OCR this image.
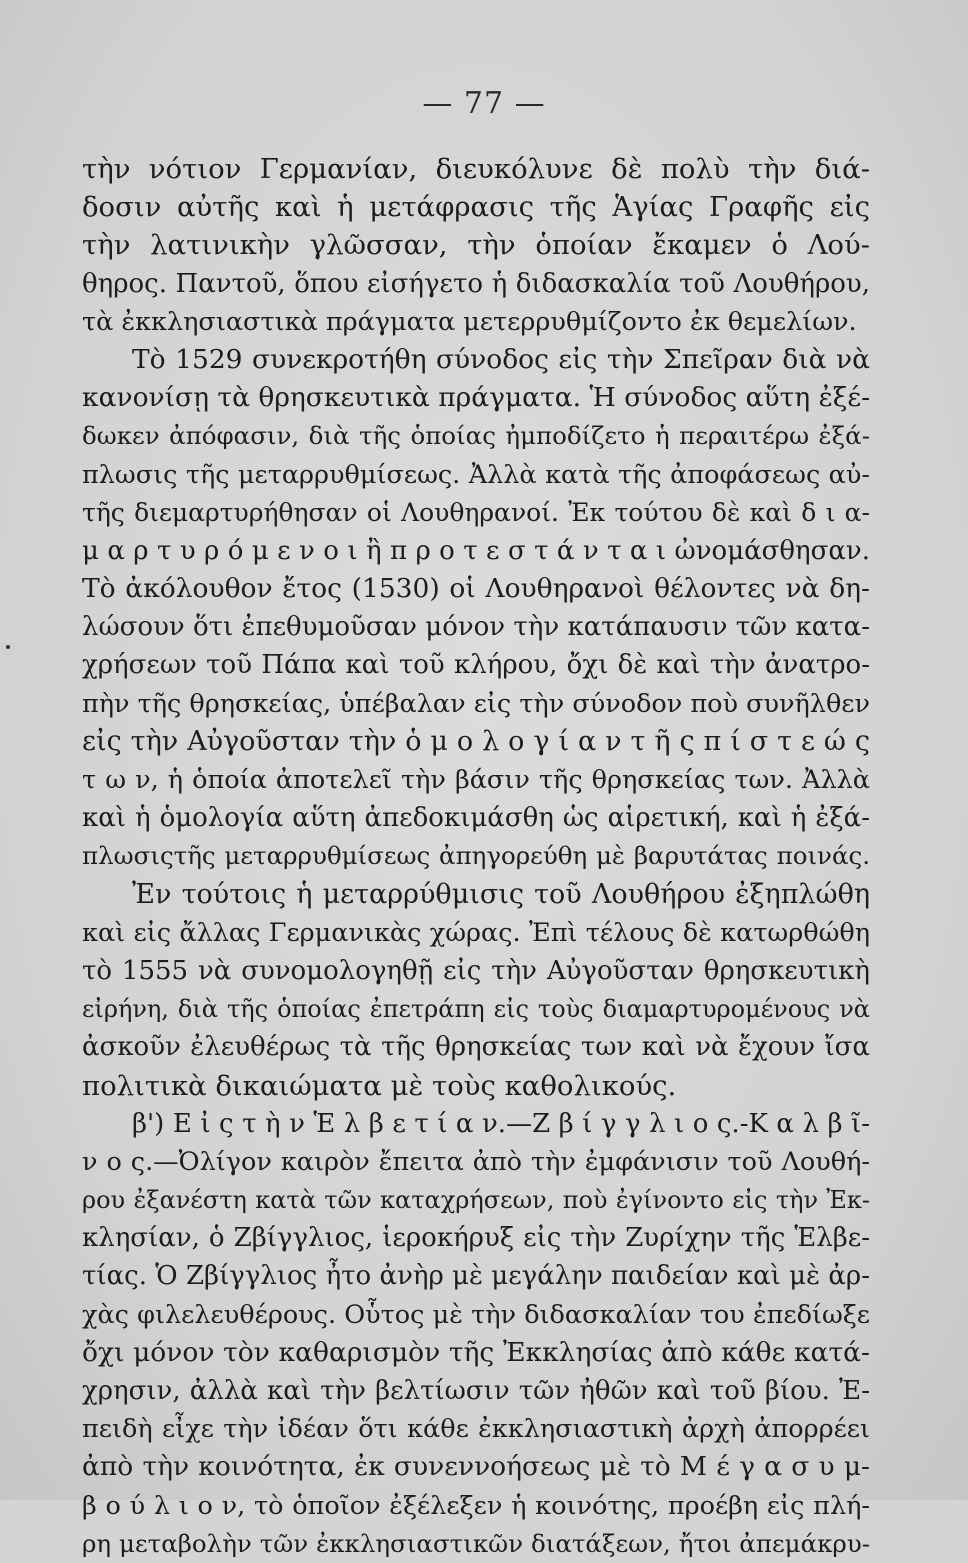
— 77 —
τὴν νότιον Γερμανίαν, διευκόλυνε δὲ πολὺ τὴν διά-
δοσιν αὐτῆς καὶ ἡ μετάφρασις τῆς Ἁγίας Γραφῆς εἰς
τὴν λατινικὴν γλῶσσαν, τὴν ὁποίαν ἔκαμεν ὁ Λού-
θηρος. Παντοῦ, ὅπου εἰσήγετο ἡ διδασκαλία τοῦ Λουθήρου,
τὰ ἐκκλησιαστικὰ πράγματα μετερρυθμίζοντο ἐκ θεμελίων.
Τὸ 1529 συνεκροτήθη σύνοδος εἰς τὴν Σπεῖραν διὰ νὰ
κανονίσῃ τὰ θρησκευτικὰ πράγματα. Ἡ σύνοδος αὕτη ἐξέ-
δωκεν ἀπόφασιν, διὰ τῆς ὁποίας ἠμποδίζετο ἡ περαιτέρω ἐξά-
πλωσις τῆς μεταρρυθμίσεως. Ἀλλὰ κατὰ τῆς ἀποφάσεως αὐ-
τῆς διεμαρτυρήθησαν οἱ Λουθηρανοί. Ἐκ τούτου δὲ καὶ δ ι α-
μ α ρ τ υ ρ ό μ ε ν ο ι ἢ π ρ ο τ ε σ τ ά ν τ α ι ὠνομάσθησαν.
Τὸ ἀκόλουθον ἔτος (1530) οἱ Λουθηρανοὶ θέλοντες νὰ δη-
λώσουν ὅτι ἐπεθυμοῦσαν μόνον τὴν κατάπαυσιν τῶν κατα-
χρήσεων τοῦ Πάπα καὶ τοῦ κλήρου, ὄχι δὲ καὶ τὴν ἀνατρο-
πὴν τῆς θρησκείας, ὑπέβαλαν εἰς τὴν σύνοδον ποὺ συνῆλθεν
εἰς τὴν Αὐγοῦσταν τὴν ὁ μ ο λ ο γ ί α ν τ ῆ ς π ί σ τ ε ώ ς
τ ω ν, ἡ ὁποία ἀποτελεῖ τὴν βάσιν τῆς θρησκείας των. Ἀλλὰ
καὶ ἡ ὁμολογία αὕτη ἀπεδοκιμάσθη ὡς αἱρετική, καὶ ἡ ἐξά-
πλωσιςτῆς μεταρρυθμίσεως ἀπηγορεύθη μὲ βαρυτάτας ποινάς.
Ἐν τούτοις ἡ μεταρρύθμισις τοῦ Λουθήρου ἐξηπλώθη
καὶ εἰς ἄλλας Γερμανικὰς χώρας. Ἐπὶ τέλους δὲ κατωρθώθη
τὸ 1555 νὰ συνομολογηθῇ εἰς τὴν Αὐγοῦσταν θρησκευτικὴ
εἰρήνη, διὰ τῆς ὁποίας ἐπετράπη εἰς τοὺς διαμαρτυρομένους νὰ
ἀσκοῦν ἐλευθέρως τὰ τῆς θρησκείας των καὶ νὰ ἔχουν ἴσα
πολιτικὰ δικαιώματα μὲ τοὺς καθολικούς.
β') Ε ἰ ς τ ὴ ν Ἑ λ β ε τ ί α ν.—Ζ β ί γ γ λ ι ο ς.-Κ α λ β ῖ-
ν ο ς.—Ὀλίγον καιρὸν ἔπειτα ἀπὸ τὴν ἐμφάνισιν τοῦ Λουθή-
ρου ἐξανέστη κατὰ τῶν καταχρήσεων, ποὺ ἐγίνοντο εἰς τὴν Ἐκ-
κλησίαν, ὁ Ζβίγγλιος, ἱεροκήρυξ εἰς τὴν Ζυρίχην τῆς Ἑλβε-
τίας. Ὁ Ζβίγγλιος ἦτο ἀνὴρ μὲ μεγάλην παιδείαν καὶ μὲ ἀρ-
χὰς φιλελευθέρους. Οὗτος μὲ τὴν διδασκαλίαν του ἐπεδίωξε
ὄχι μόνον τὸν καθαρισμὸν τῆς Ἐκκλησίας ἀπὸ κάθε κατά-
χρησιν, ἀλλὰ καὶ τὴν βελτίωσιν τῶν ἠθῶν καὶ τοῦ βίου. Ἐ-
πειδὴ εἶχε τὴν ἰδέαν ὅτι κάθε ἐκκλησιαστικὴ ἀρχὴ ἀπορρέει
ἀπὸ τὴν κοινότητα, ἐκ συνεννοήσεως μὲ τὸ Μ έ γ α σ υ μ-
β ο ύ λ ι ο ν, τὸ ὁποῖον ἐξέλεξεν ἡ κοινότης, προέβη εἰς πλή-
ρη μεταβολὴν τῶν ἐκκλησιαστικῶν διατάξεων, ἤτοι ἀπεμάκρυ-
